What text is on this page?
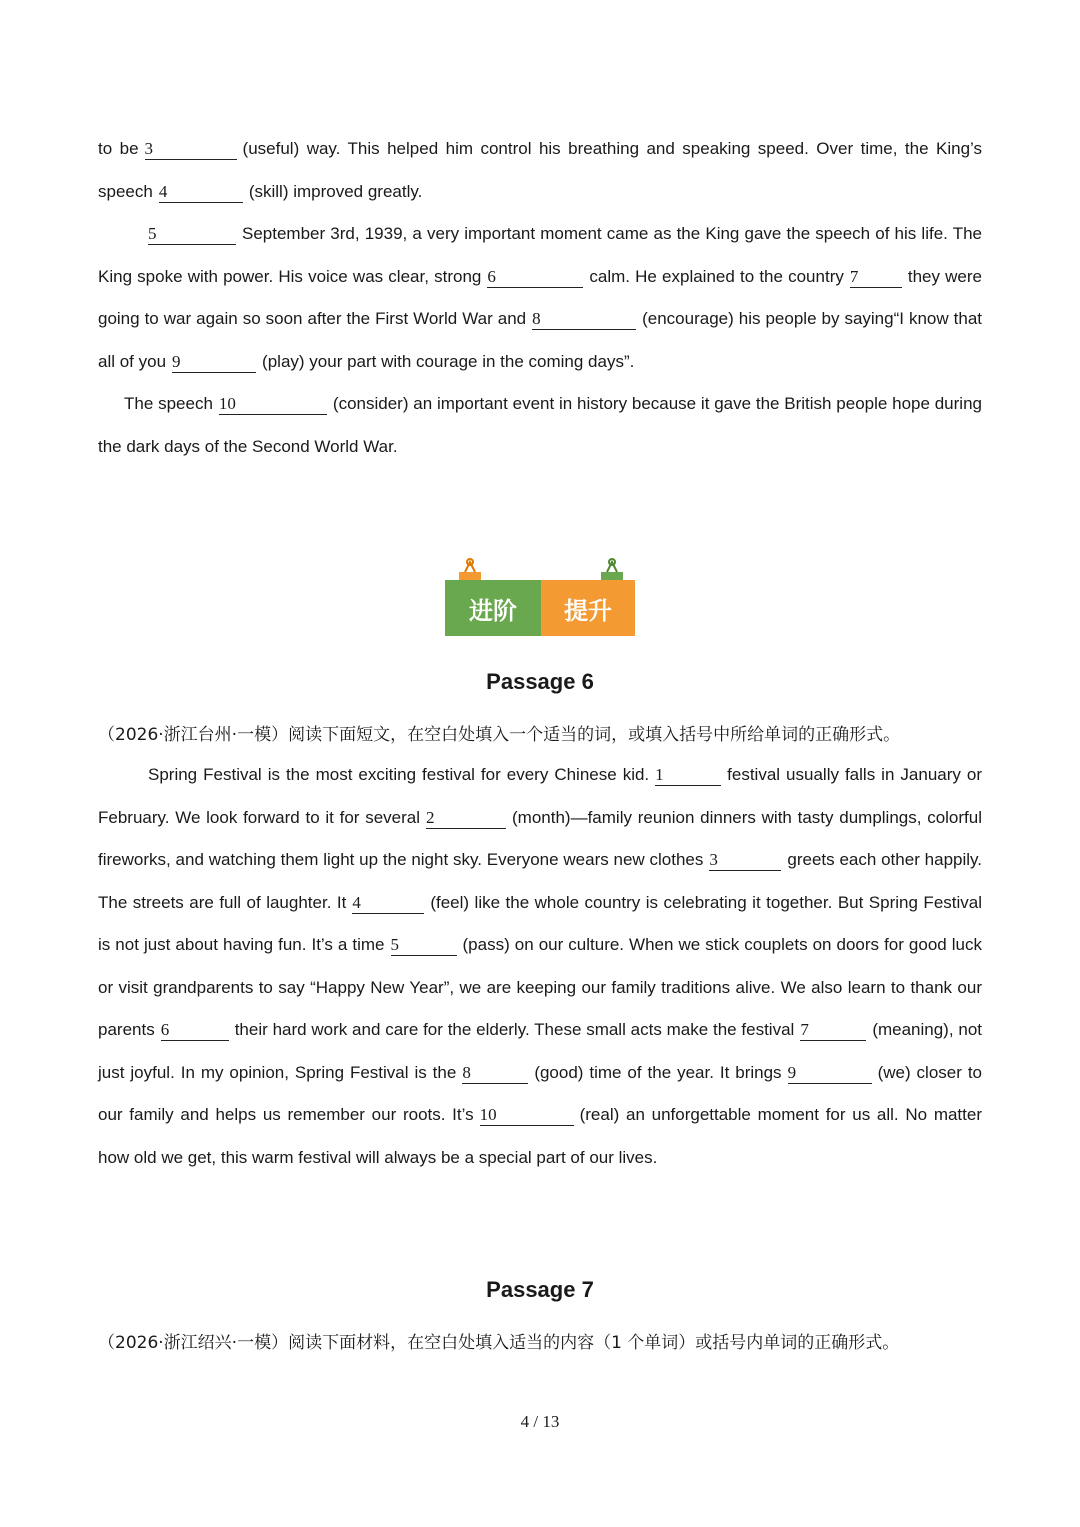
to be 3	(useful) way. This helped him control his breathing and speaking speed. Over time, the King’s speech 4	(skill) improved greatly.

5	September 3rd, 1939, a very important moment came as the King gave the speech of his life. The King spoke with power. His voice was clear, strong 6	calm. He explained to the country 7	they were going to war again so soon after the First World War and 8	(encourage) his people by saying“I know that all of you 9	(play) your part with courage in the coming days”.

The speech 10	(consider) an important event in history because it gave the British people hope during the dark days of the Second World War.

进阶	提升
Passage 6

（2026·浙江台州·一模）阅读下面短文，在空白处填入一个适当的词，或填入括号中所给单词的正确形式。

Spring Festival is the most exciting festival for every Chinese kid. 1	festival usually falls in January or February. We look forward to it for several 2	(month)—family reunion dinners with tasty dumplings, colorful fireworks, and watching them light up the night sky. Everyone wears new clothes 3	greets each other happily. The streets are full of laughter. It 4	(feel) like the whole country is celebrating it together. But Spring Festival is not just about having fun. It’s a time 5	(pass) on our culture. When we stick couplets on doors for good luck or visit grandparents to say “Happy New Year”, we are keeping our family traditions alive. We also learn to thank our parents 6	their hard work and care for the elderly. These small acts make the festival 7	(meaning), not just joyful. In my opinion, Spring Festival is the 8	(good) time of the year. It brings 9	(we) closer to our family and helps us remember our roots. It’s 10	(real) an unforgettable moment for us all. No matter how old we get, this warm festival will always be a special part of our lives.

Passage 7

（2026·浙江绍兴·一模）阅读下面材料，在空白处填入适当的内容（1 个单词）或括号内单词的正确形式。

4 / 13
